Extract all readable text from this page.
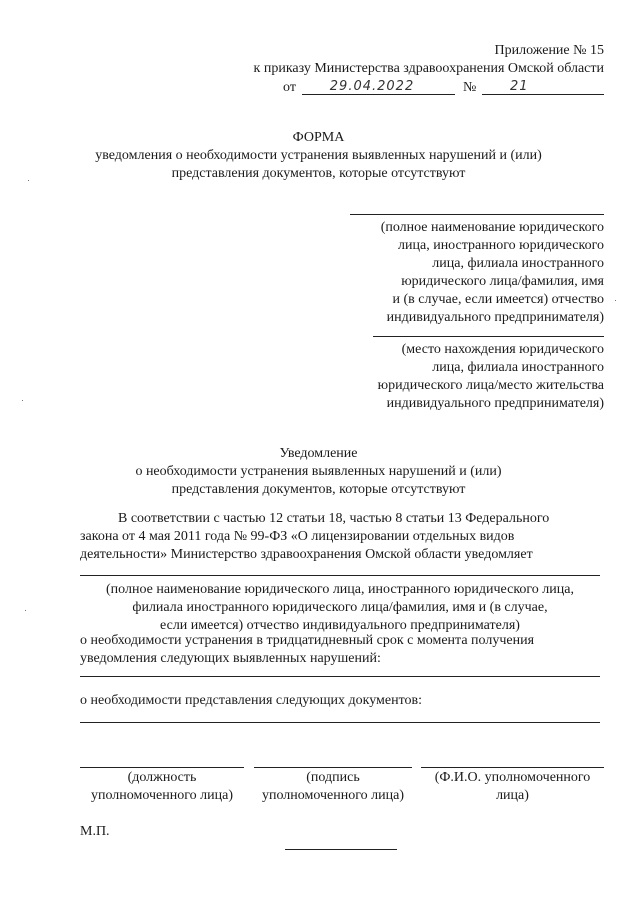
Приложение № 15
к приказу Министерства здравоохранения Омской области
от	29.04.2022	№	21
ФОРМА
уведомления о необходимости устранения выявленных нарушений и (или)
представления документов, которые отсутствуют
(полное наименование юридического
лица, иностранного юридического
лица, филиала иностранного
юридического лица/фамилия, имя
и (в случае, если имеется) отчество
индивидуального предпринимателя)
(место нахождения юридического
лица, филиала иностранного
юридического лица/место жительства
индивидуального предпринимателя)
Уведомление
о необходимости устранения выявленных нарушений и (или)
представления документов, которые отсутствуют
В соответствии с частью 12 статьи 18, частью 8 статьи 13 Федерального
закона от 4 мая 2011 года № 99-ФЗ «О лицензировании отдельных видов
деятельности» Министерство здравоохранения Омской области уведомляет
(полное наименование юридического лица, иностранного юридического лица,
филиала иностранного юридического лица/фамилия, имя и (в случае,
если имеется) отчество индивидуального предпринимателя)
о необходимости устранения в тридцатидневный срок с момента получения
уведомления следующих выявленных нарушений:
о необходимости представления следующих документов:
(должность
уполномоченного лица)
(подпись
уполномоченного лица)
(Ф.И.О. уполномоченного
лица)
М.П.
